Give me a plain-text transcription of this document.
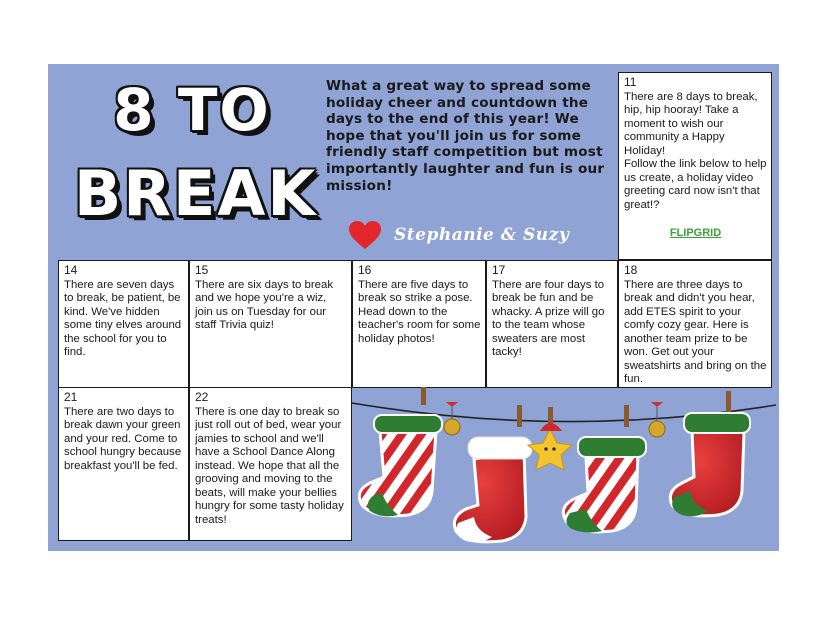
8 TO
BREAK
What a great way to spread some holiday cheer and countdown the days to the end of this year! We hope that you'll join us for some friendly staff competition but most importantly laughter and fun is our mission!
Stephanie & Suzy
11
There are 8 days to break, hip, hip hooray! Take a moment to wish our community a Happy Holiday!
Follow the link below to help us create, a holiday video greeting card now isn't that great!?
FLIPGRID
14
There are seven days to break, be patient, be kind. We've hidden some tiny elves around the school for you to find.
15
There are six days to break and we hope you're a wiz, join us on Tuesday for our staff Trivia quiz!
16
There are five days to break so strike a pose. Head down to the teacher's room for some holiday photos!
17
There are four days to break be fun and be whacky. A prize will go to the team whose sweaters are most tacky!
18
There are three days to break and didn't you hear, add ETES spirit to your comfy cozy gear. Here is another team prize to be won. Get out your sweatshirts and bring on the fun.
21
There are two days to break dawn your green and your red. Come to school hungry because breakfast you'll be fed.
22
There is one day to break so just roll out of bed, wear your jamies to school and we'll have a School Dance Along instead. We hope that all the grooving and moving to the beats, will make your bellies hungry for some tasty holiday treats!
